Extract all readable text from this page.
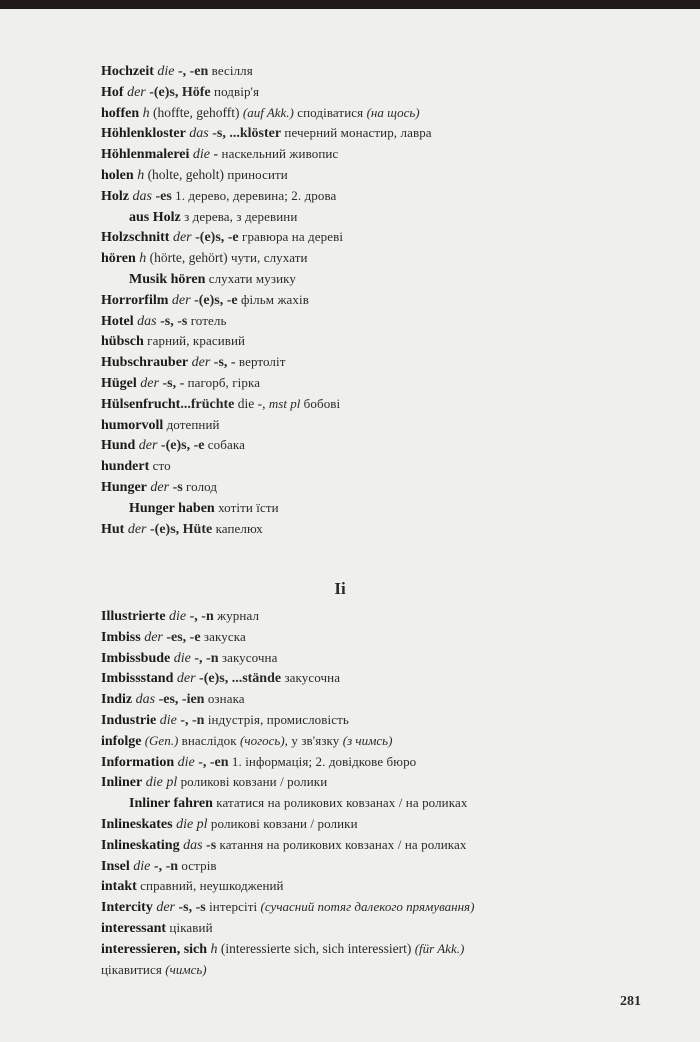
Hochzeit die -, -en весілля
Hof der -(e)s, Höfe подвір'я
hoffen h (hoffte, gehofft) (auf Akk.) сподіватися (на щось)
Höhlenkloster das -s, ...klöster печерний монастир, лавра
Höhlenmalerei die - наскельний живопис
holen h (holte, geholt) приносити
Holz das -es 1. дерево, деревина; 2. дрова
aus Holz з дерева, з деревини
Holzschnitt der -(e)s, -e гравюра на дереві
hören h (hörte, gehört) чути, слухати
Musik hören слухати музику
Horrorfilm der -(e)s, -e фільм жахів
Hotel das -s, -s готель
hübsch гарний, красивий
Hubschrauber der -s, - вертоліт
Hügel der -s, - пагорб, гірка
Hülsenfrucht...früchte die -, mst pl бобові
humorvoll дотепний
Hund der -(e)s, -e собака
hundert сто
Hunger der -s голод
Hunger haben хотіти їсти
Hut der -(e)s, Hüte капелюх
Ii
Illustrierte die -, -n журнал
Imbiss der -es, -e закуска
Imbissbude die -, -n закусочна
Imbissstand der -(e)s, ...stände закусочна
Indiz das -es, -ien ознака
Industrie die -, -n індустрія, промисловість
infolge (Gen.) внаслідок (чогось), у зв'язку (з чимсь)
Information die -, -en 1. інформація; 2. довідкове бюро
Inliner die pl роликові ковзани / ролики
Inliner fahren кататися на роликових ковзанах / на роликах
Inlineskates die pl роликові ковзани / ролики
Inlineskating das -s катання на роликових ковзанах / на роликах
Insel die -, -n острів
intakt справний, неушкоджений
Intercity der -s, -s інтерсіті (сучасний потяг далекого прямування)
interessant цікавий
interessieren, sich h (interessierte sich, sich interessiert) (für Akk.)
цікавитися (чимсь)
281
